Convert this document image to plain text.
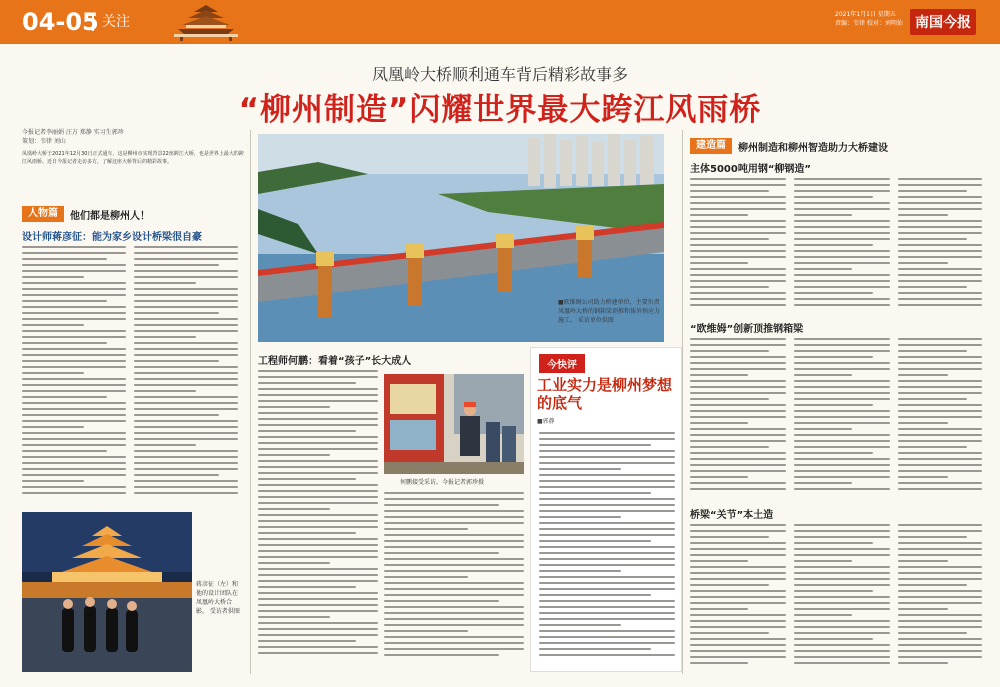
04-05 关注	2021年1月1日 星期五
责编：韦律 校对：刘明佑 南国今报
凤凰岭大桥顺利通车背后精彩故事多
“柳州制造”闪耀世界最大跨江风雨桥
今报记者李丽娟 汪方 郑静 实习生郭珍
策划：韦律 刘山
凤凰岭大桥于2021年12月30日正式通车，这是柳州市实现背景22座跨江大桥，也是世界上最大的跨江风雨桥。近日今报记者走访多方，了解这座大桥背后的精彩故事。
■欧维姆公司助力桥建单位，主要负责凤凰岭大桥的钢箱梁顶推和体外预应力施工。 采访单位供图
人物篇	他们都是柳州人！
设计师蒋彦征：能为家乡设计桥梁很自豪
蒋彦征（左）和他的设计团队在凤凰岭大桥合影。 受访者供图
工程师何鹏：看着“孩子”长大成人
何鹏接受采访。今报记者郭珍摄
今快评
工业实力是柳州梦想的底气
■郭静
建造篇	柳州制造和柳州智造助力大桥建设
主体5000吨用钢“柳钢造”
“欧维姆”创新顶推钢箱梁
桥梁“关节”本土造
